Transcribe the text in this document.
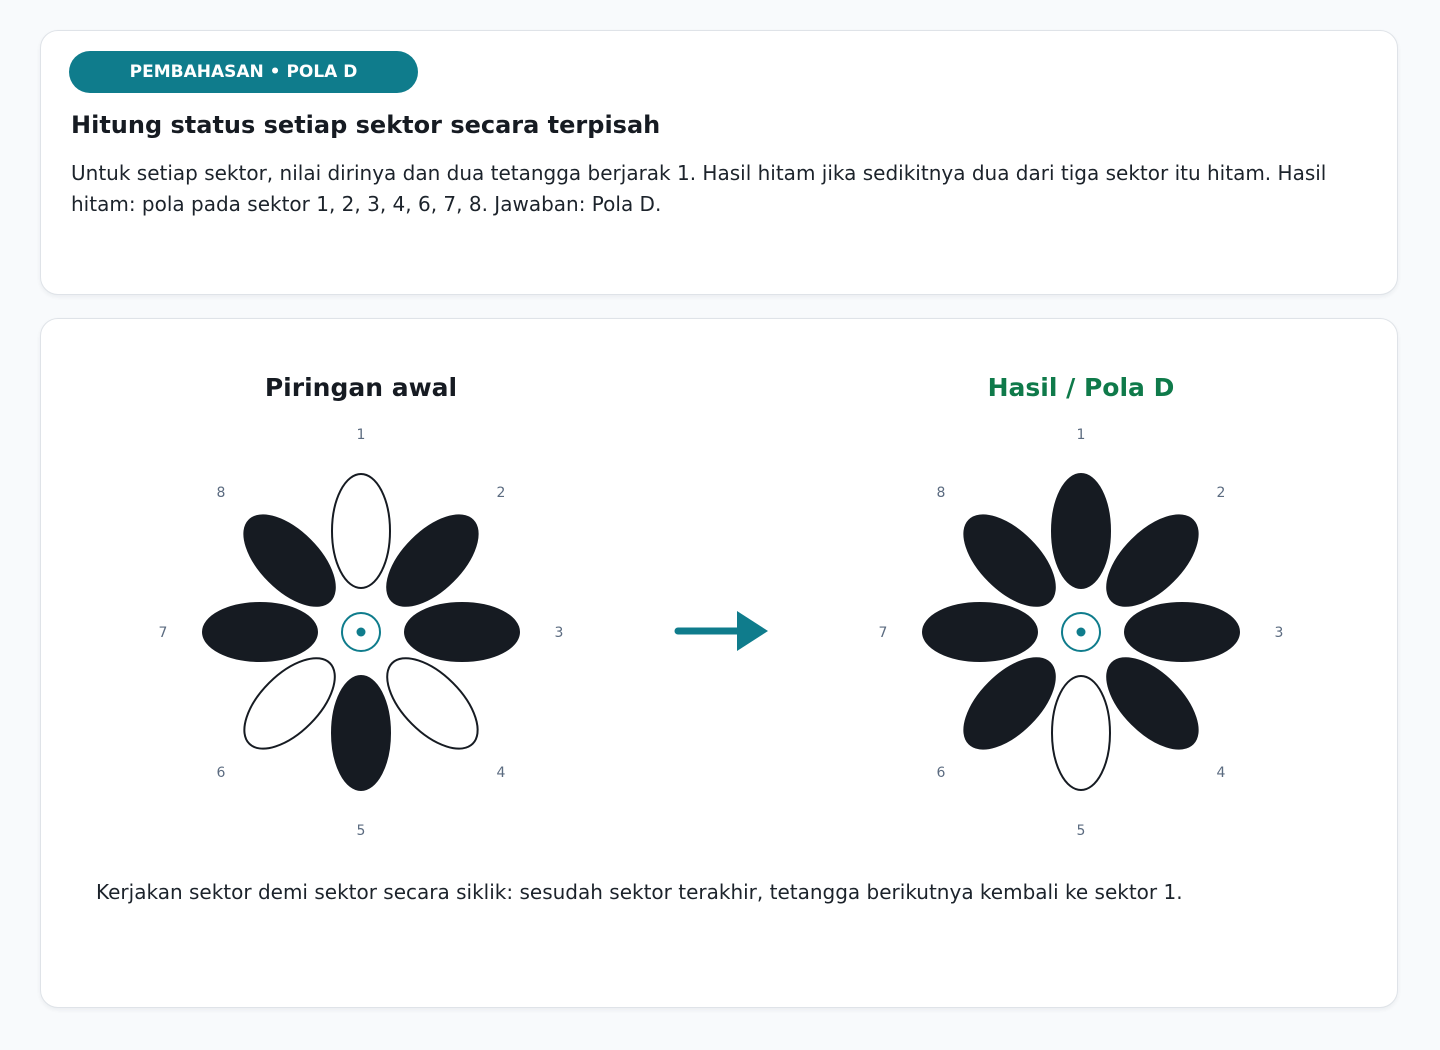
PEMBAHASAN • POLA D
Hitung status setiap sektor secara terpisah

Untuk setiap sektor, nilai dirinya dan dua tetangga berjarak 1. Hasil hitam jika sedikitnya dua dari tiga sektor itu hitam. Hasil hitam: pola pada sektor 1, 2, 3, 4, 6, 7, 8. Jawaban: Pola D.

Piringan awal
1
2
3
4
5
6
7
8
Hasil / Pola D
1
2
3
4
5
6
7
8

Kerjakan sektor demi sektor secara siklik: sesudah sektor terakhir, tetangga berikutnya kembali ke sektor 1.
